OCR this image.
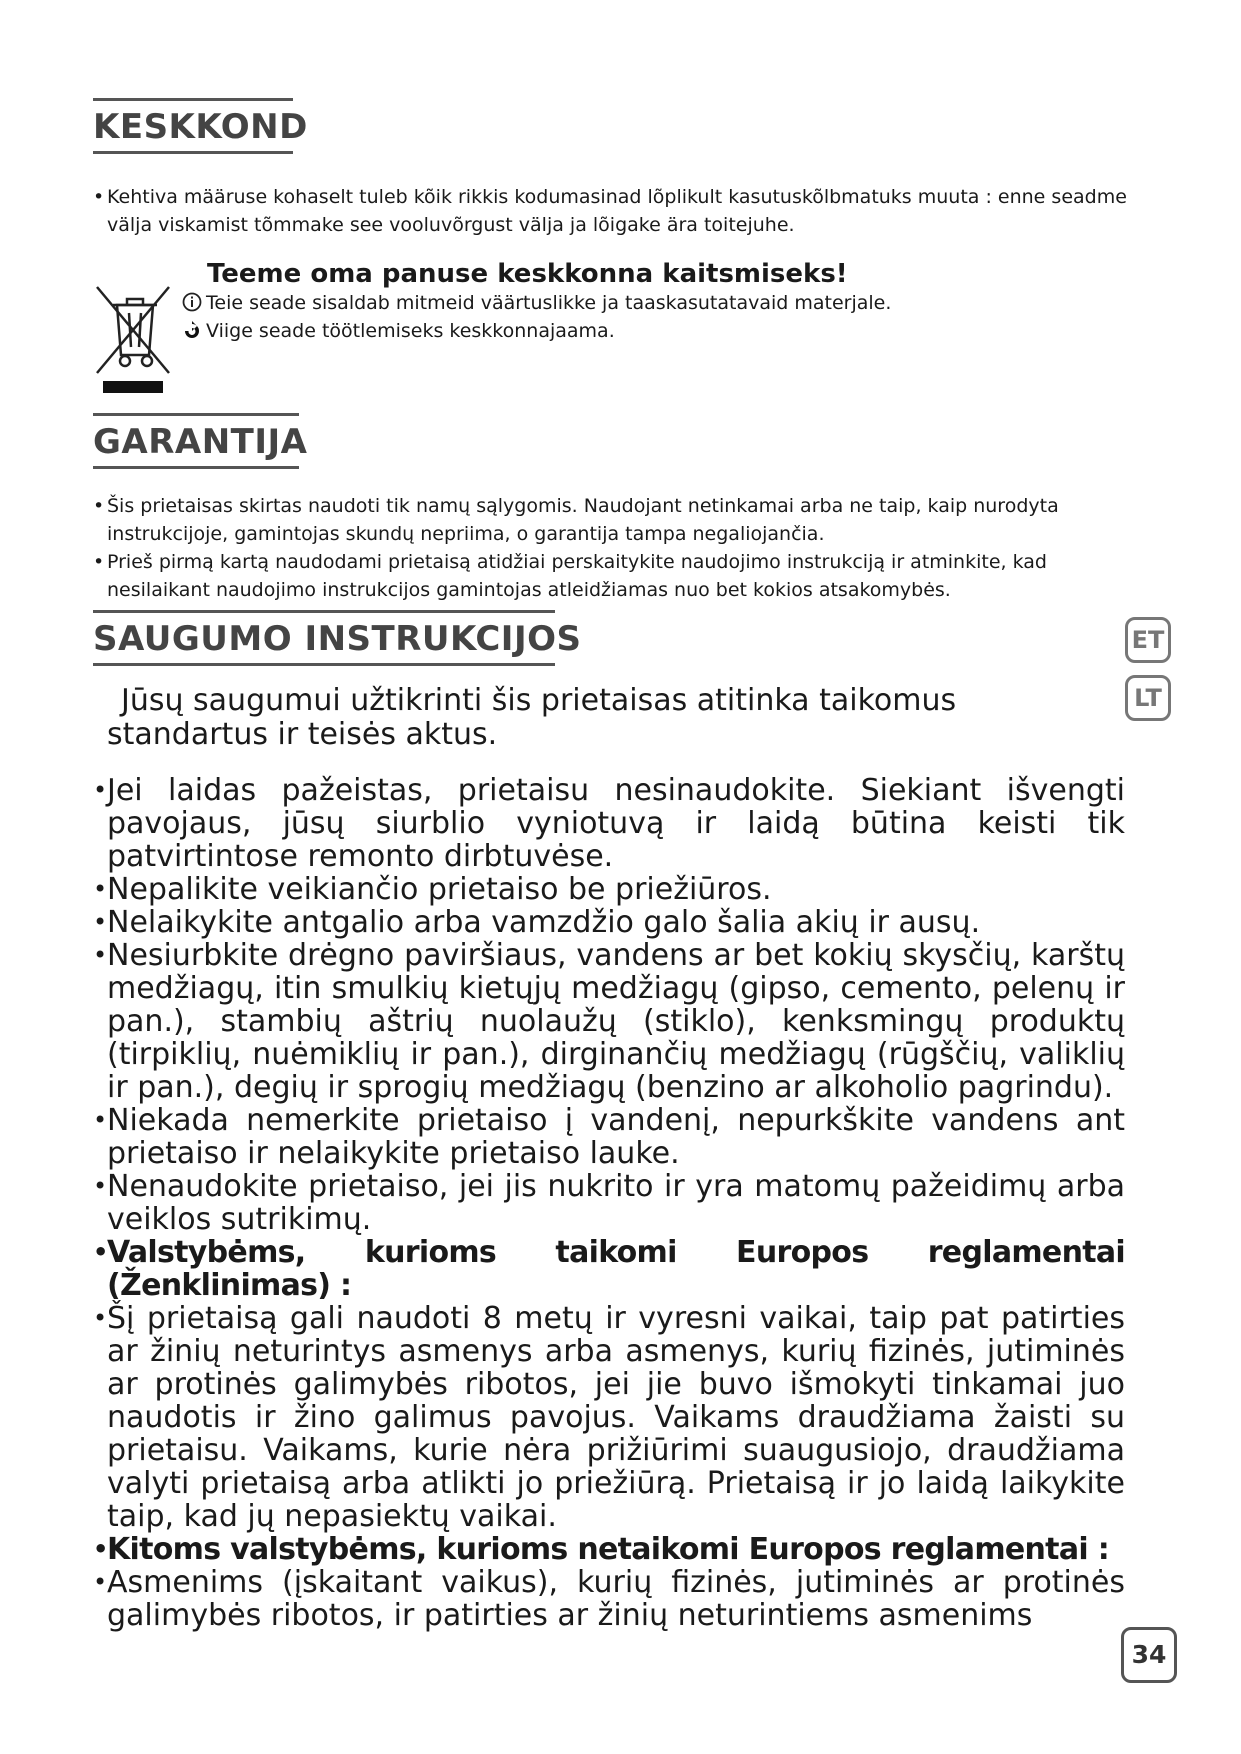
KESKKOND
• Kehtiva määruse kohaselt tuleb kõik rikkis kodumasinad lõplikult kasutuskõlbmatuks muuta : enne seadme välja viskamist tõmmake see vooluvõrgust välja ja lõigake ära toitejuhe.
Teeme oma panuse keskkonna kaitsmiseks!
Teie seade sisaldab mitmeid väärtuslikke ja taaskasutatavaid materjale.
Viige seade töötlemiseks keskkonnajaama.
GARANTIJA
• Šis prietaisas skirtas naudoti tik namų sąlygomis. Naudojant netinkamai arba ne taip, kaip nurodyta instrukcijoje, gamintojas skundų nepriima, o garantija tampa negaliojančia.
• Prieš pirmą kartą naudodami prietaisą atidžiai perskaitykite naudojimo instrukciją ir atminkite, kad nesilaikant naudojimo instrukcijos gamintojas atleidžiamas nuo bet kokios atsakomybės.
SAUGUMO INSTRUKCIJOS	ET
LT

Jūsų saugumui užtikrinti šis prietaisas atitinka taikomus standartus ir teisės aktus.

• Jei laidas pažeistas, prietaisu nesinaudokite. Siekiant išvengti pavojaus, jūsų siurblio vyniotuvą ir laidą būtina keisti tik patvirtintose remonto dirbtuvėse.
• Nepalikite veikiančio prietaiso be priežiūros.
• Nelaikykite antgalio arba vamzdžio galo šalia akių ir ausų.
• Nesiurbkite drėgno paviršiaus, vandens ar bet kokių skysčių, karštų medžiagų, itin smulkių kietųjų medžiagų (gipso, cemento, pelenų ir pan.), stambių aštrių nuolaužų (stiklo), kenksmingų produktų (tirpiklių, nuėmiklių ir pan.), dirginančių medžiagų (rūgščių, valiklių ir pan.), degių ir sprogių medžiagų (benzino ar alkoholio pagrindu).
• Niekada nemerkite prietaiso į vandenį, nepurkškite vandens ant prietaiso ir nelaikykite prietaiso lauke.
• Nenaudokite prietaiso, jei jis nukrito ir yra matomų pažeidimų arba veiklos sutrikimų.
• Valstybėms, kurioms taikomi Europos reglamentai (Ženklinimas) :
• Šį prietaisą gali naudoti 8 metų ir vyresni vaikai, taip pat patirties ar žinių neturintys asmenys arba asmenys, kurių fizinės, jutiminės ar protinės galimybės ribotos, jei jie buvo išmokyti tinkamai juo naudotis ir žino galimus pavojus. Vaikams draudžiama žaisti su prietaisu. Vaikams, kurie nėra prižiūrimi suaugusiojo, draudžiama valyti prietaisą arba atlikti jo priežiūrą. Prietaisą ir jo laidą laikykite taip, kad jų nepasiektų vaikai.
• Kitoms valstybėms, kurioms netaikomi Europos reglamentai :
• Asmenims (įskaitant vaikus), kurių fizinės, jutiminės ar protinės galimybės ribotos, ir patirties ar žinių neturintiems asmenims
34
